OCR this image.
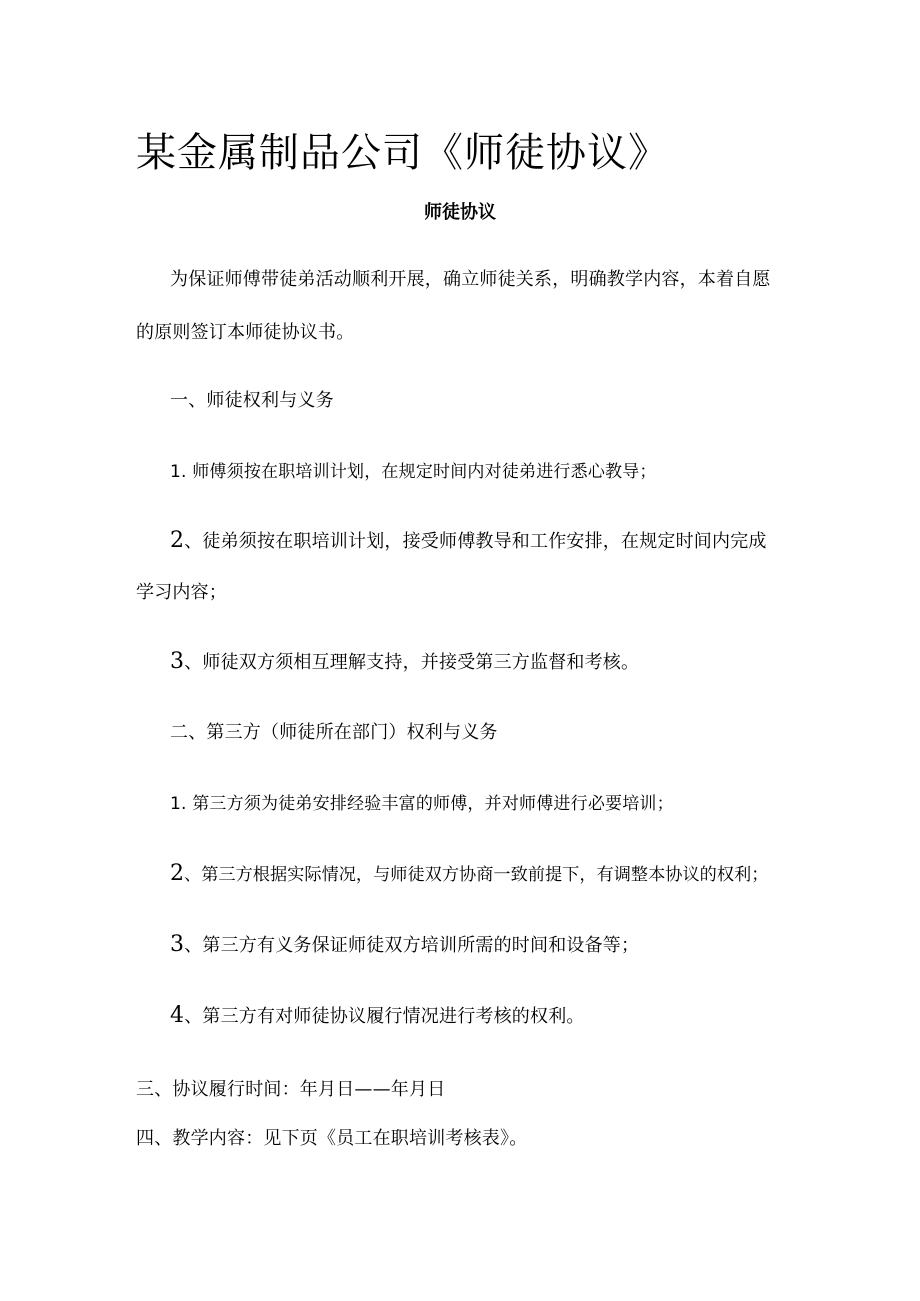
某金属制品公司《师徒协议》
师徒协议
为保证师傅带徒弟活动顺利开展，确立师徒关系，明确教学内容，本着自愿
的原则签订本师徒协议书。
一、师徒权利与义务
1. 师傅须按在职培训计划，在规定时间内对徒弟进行悉心教导；
2、徒弟须按在职培训计划，接受师傅教导和工作安排，在规定时间内完成
学习内容；
3、师徒双方须相互理解支持，并接受第三方监督和考核。
二、第三方（师徒所在部门）权利与义务
1. 第三方须为徒弟安排经验丰富的师傅，并对师傅进行必要培训；
2、第三方根据实际情况，与师徒双方协商一致前提下，有调整本协议的权利；
3、第三方有义务保证师徒双方培训所需的时间和设备等；
4、第三方有对师徒协议履行情况进行考核的权利。
三、协议履行时间：年月日——年月日
四、教学内容：见下页《员工在职培训考核表》。
